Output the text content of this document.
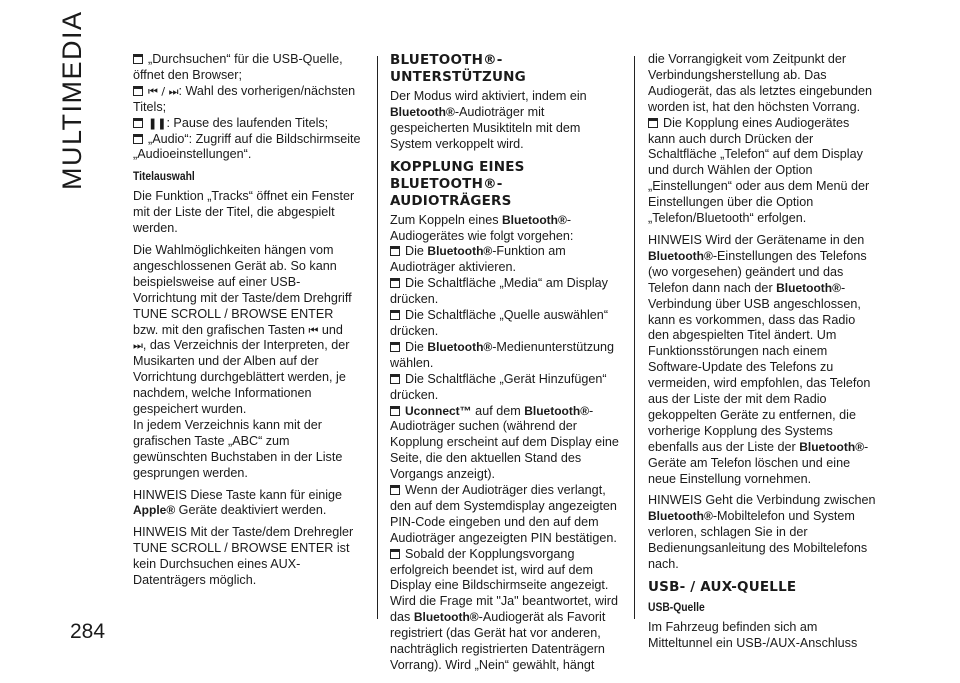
MULTIMEDIA
284

„Durchsuchen“ für die USB-Quelle, öffnet den Browser;

⏮ / ⏭: Wahl des vorherigen/nächsten Titels;

❚❚: Pause des laufenden Titels;

„Audio“: Zugriff auf die Bildschirmseite „Audioeinstellungen“.

Titelauswahl

Die Funktion „Tracks“ öffnet ein Fenster mit der Liste der Titel, die abgespielt werden.

Die Wahlmöglichkeiten hängen vom angeschlossenen Gerät ab. So kann beispielsweise auf einer USB-Vorrichtung mit der Taste/dem Drehgriff TUNE SCROLL / BROWSE ENTER bzw. mit den grafischen Tasten ⏮ und
⏭, das Verzeichnis der Interpreten, der Musikarten und der Alben auf der Vorrichtung durchgeblättert werden, je nachdem, welche Informationen gespeichert wurden.

In jedem Verzeichnis kann mit der grafischen Taste „ABC“ zum gewünschten Buchstaben in der Liste gesprungen werden.

HINWEIS Diese Taste kann für einige
Apple® Geräte deaktiviert werden.

HINWEIS Mit der Taste/dem Drehregler TUNE SCROLL / BROWSE ENTER ist kein Durchsuchen eines AUX-Datenträgers möglich.

BLUETOOTH®-UNTERSTÜTZUNG

Der Modus wird aktiviert, indem ein Bluetooth®-Audioträger mit gespeicherten Musiktiteln mit dem System verkoppelt wird.

KOPPLUNG EINES BLUETOOTH®-AUDIOTRÄGERS

Zum Koppeln eines Bluetooth®-Audiogerätes wie folgt vorgehen:

Die Bluetooth®-Funktion am Audioträger aktivieren.

Die Schaltfläche „Media“ am Display drücken.

Die Schaltfläche „Quelle auswählen“ drücken.

Die Bluetooth®-Medienunterstützung wählen.

Die Schaltfläche „Gerät Hinzufügen“ drücken.

Uconnect™ auf dem Bluetooth®-Audioträger suchen (während der Kopplung erscheint auf dem Display eine Seite, die den aktuellen Stand des Vorgangs anzeigt).

Wenn der Audioträger dies verlangt, den auf dem Systemdisplay angezeigten PIN-Code eingeben und den auf dem Audioträger angezeigten PIN bestätigen.

Sobald der Kopplungsvorgang erfolgreich beendet ist, wird auf dem Display eine Bildschirmseite angezeigt. Wird die Frage mit "Ja" beantwortet, wird das Bluetooth®-Audiogerät als Favorit registriert (das Gerät hat vor anderen, nachträglich registrierten Datenträgern Vorrang). Wird „Nein“ gewählt, hängt

die Vorrangigkeit vom Zeitpunkt der Verbindungsherstellung ab. Das Audiogerät, das als letztes eingebunden worden ist, hat den höchsten Vorrang.

Die Kopplung eines Audiogerätes kann auch durch Drücken der Schaltfläche „Telefon“ auf dem Display und durch Wählen der Option „Einstellungen“ oder aus dem Menü der Einstellungen über die Option „Telefon/Bluetooth“ erfolgen.

HINWEIS Wird der Gerätename in den Bluetooth®-Einstellungen des Telefons (wo vorgesehen) geändert und das Telefon dann nach der Bluetooth®-Verbindung über USB angeschlossen, kann es vorkommen, dass das Radio den abgespielten Titel ändert. Um Funktionsstörungen nach einem Software-Update des Telefons zu vermeiden, wird empfohlen, das Telefon aus der Liste der mit dem Radio gekoppelten Geräte zu entfernen, die vorherige Kopplung des Systems ebenfalls aus der Liste der Bluetooth®-Geräte am Telefon löschen und eine neue Einstellung vornehmen.

HINWEIS Geht die Verbindung zwischen Bluetooth®-Mobiltelefon und System verloren, schlagen Sie in der Bedienungsanleitung des Mobiltelefons nach.

USB- / AUX-QUELLE
USB-Quelle

Im Fahrzeug befinden sich am Mitteltunnel ein USB-/AUX-Anschluss
